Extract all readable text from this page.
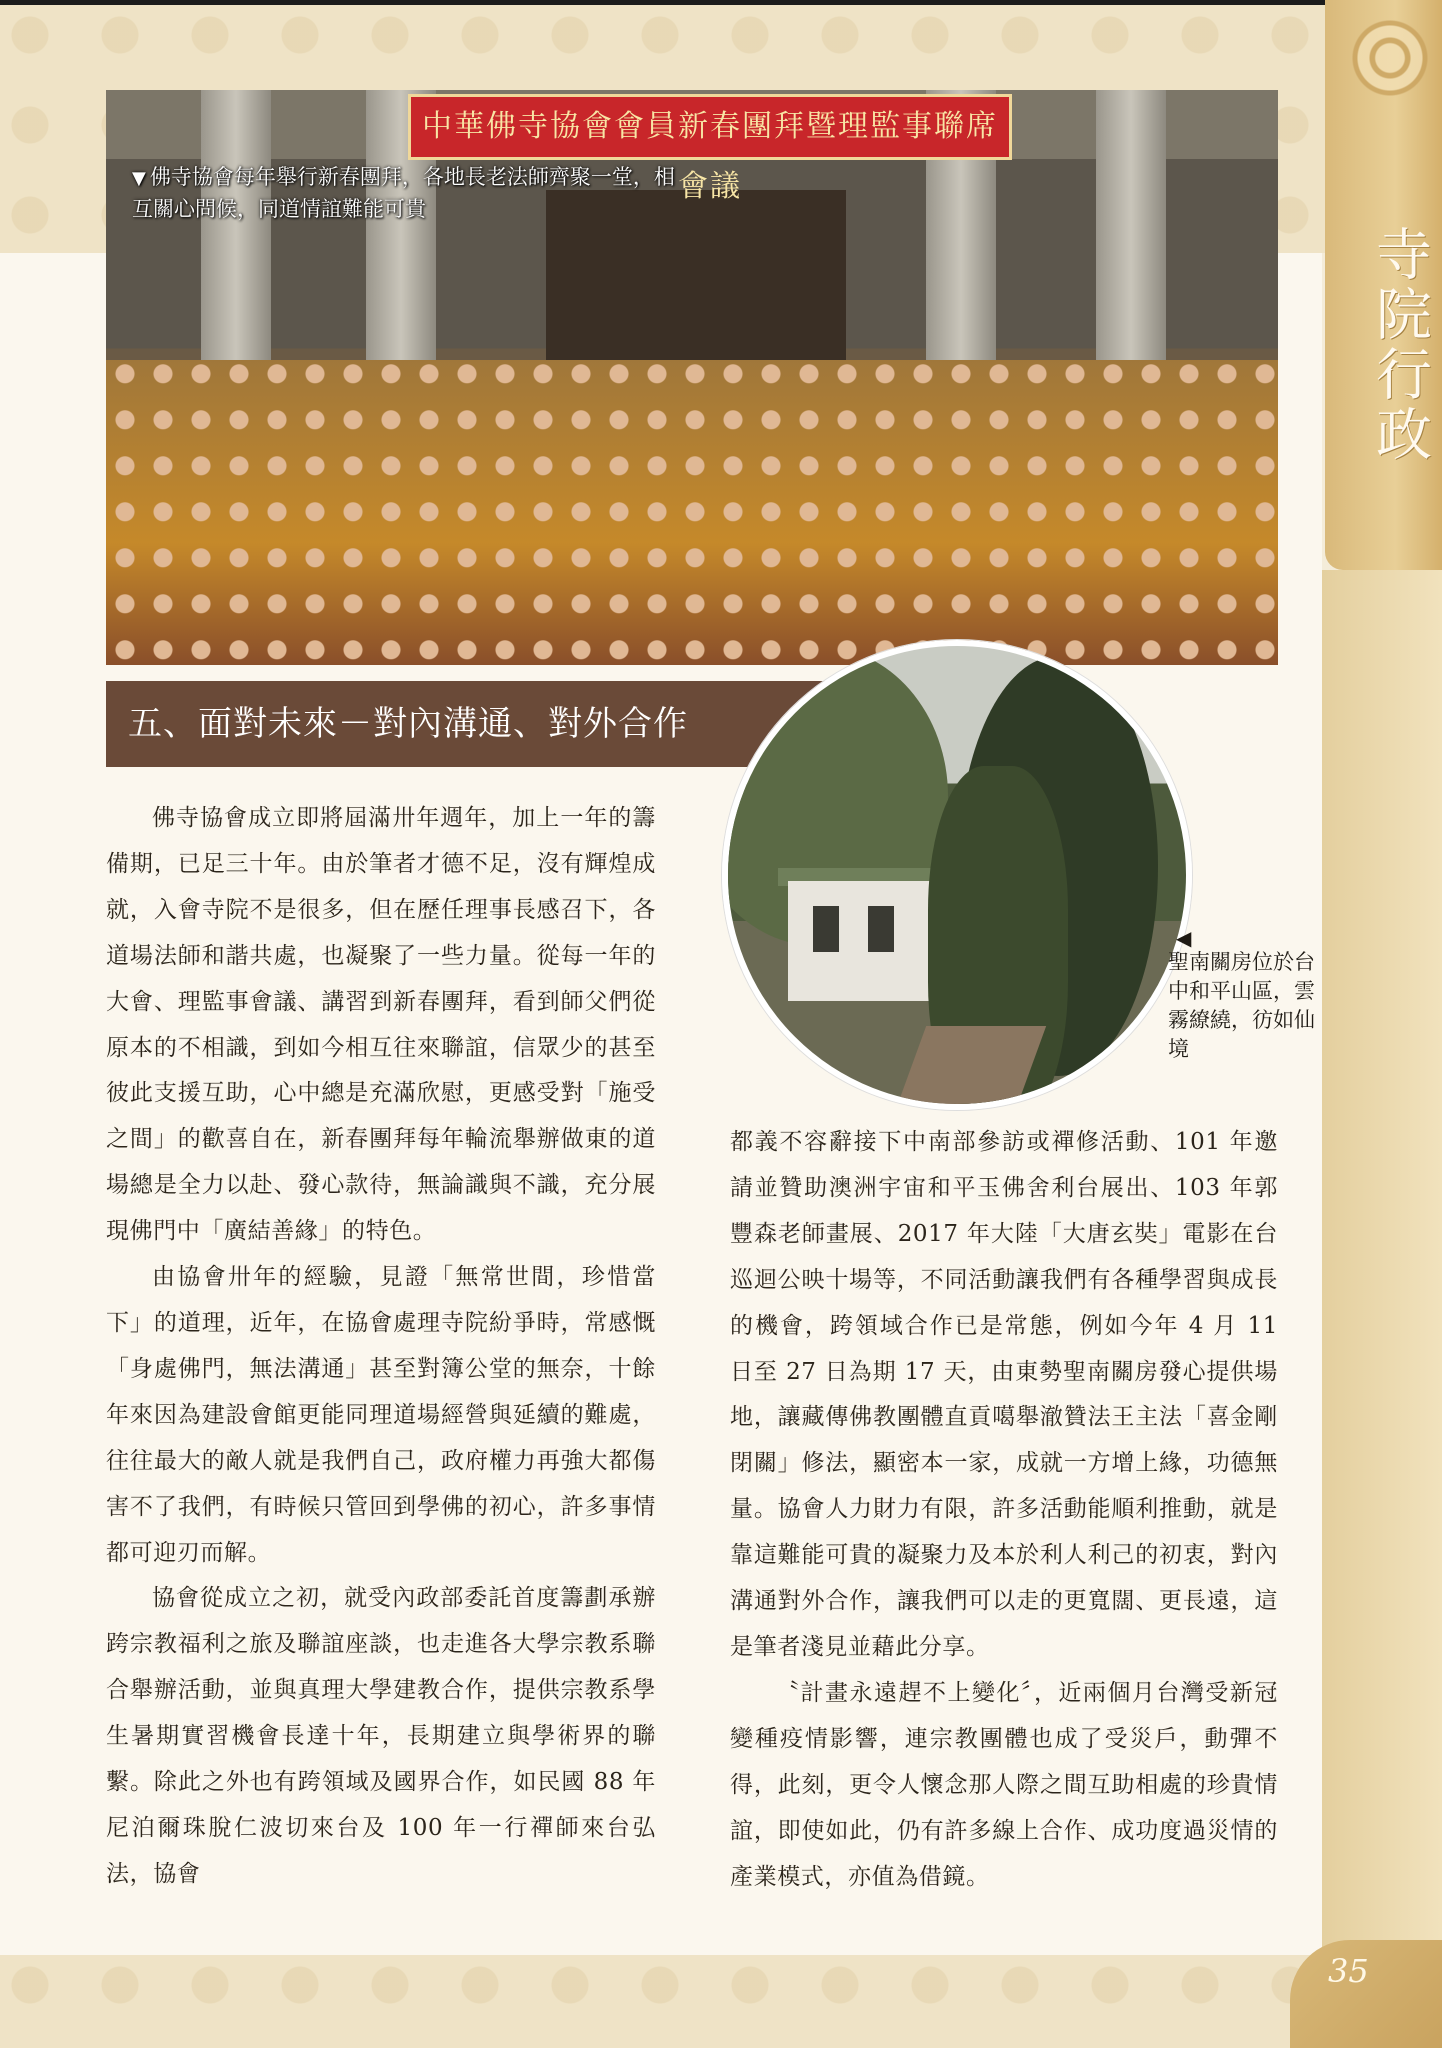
寺院行政
中華佛寺協會會員新春團拜暨理監事聯席會議
▼ 佛寺協會每年舉行新春團拜，各地長老法師齊聚一堂，相互關心問候，同道情誼難能可貴
五、面對未來－對內溝通、對外合作
◀
聖南關房位於台中和平山區，雲霧繚繞，彷如仙境

佛寺協會成立即將屆滿卅年週年，加上一年的籌備期，已足三十年。由於筆者才德不足，沒有輝煌成就，入會寺院不是很多，但在歷任理事長感召下，各道場法師和諧共處，也凝聚了一些力量。從每一年的大會、理監事會議、講習到新春團拜，看到師父們從原本的不相識，到如今相互往來聯誼，信眾少的甚至彼此支援互助，心中總是充滿欣慰，更感受對「施受之間」的歡喜自在，新春團拜每年輪流舉辦做東的道場總是全力以赴、發心款待，無論識與不識，充分展現佛門中「廣結善緣」的特色。

由協會卅年的經驗，見證「無常世間，珍惜當下」的道理，近年，在協會處理寺院紛爭時，常感慨「身處佛門，無法溝通」甚至對簿公堂的無奈，十餘年來因為建設會館更能同理道場經營與延續的難處，往往最大的敵人就是我們自己，政府權力再強大都傷害不了我們，有時候只管回到學佛的初心，許多事情都可迎刃而解。

協會從成立之初，就受內政部委託首度籌劃承辦跨宗教福利之旅及聯誼座談，也走進各大學宗教系聯合舉辦活動，並與真理大學建教合作，提供宗教系學生暑期實習機會長達十年，長期建立與學術界的聯繫。除此之外也有跨領域及國界合作，如民國 88 年尼泊爾珠脫仁波切來台及 100 年一行禪師來台弘法，協會

都義不容辭接下中南部參訪或禪修活動、101 年邀請並贊助澳洲宇宙和平玉佛舍利台展出、103 年郭豐森老師畫展、2017 年大陸「大唐玄奘」電影在台巡迴公映十場等，不同活動讓我們有各種學習與成長的機會，跨領域合作已是常態，例如今年 4 月 11 日至 27 日為期 17 天，由東勢聖南關房發心提供場地，讓藏傳佛教團體直貢噶舉澈贊法王主法「喜金剛閉關」修法，顯密本一家，成就一方增上緣，功德無量。協會人力財力有限，許多活動能順利推動，就是靠這難能可貴的凝聚力及本於利人利己的初衷，對內溝通對外合作，讓我們可以走的更寬闊、更長遠，這是筆者淺見並藉此分享。

〝計畫永遠趕不上變化〞，近兩個月台灣受新冠變種疫情影響，連宗教團體也成了受災戶，動彈不得，此刻，更令人懷念那人際之間互助相處的珍貴情誼，即使如此，仍有許多線上合作、成功度過災情的產業模式，亦值為借鏡。

35
